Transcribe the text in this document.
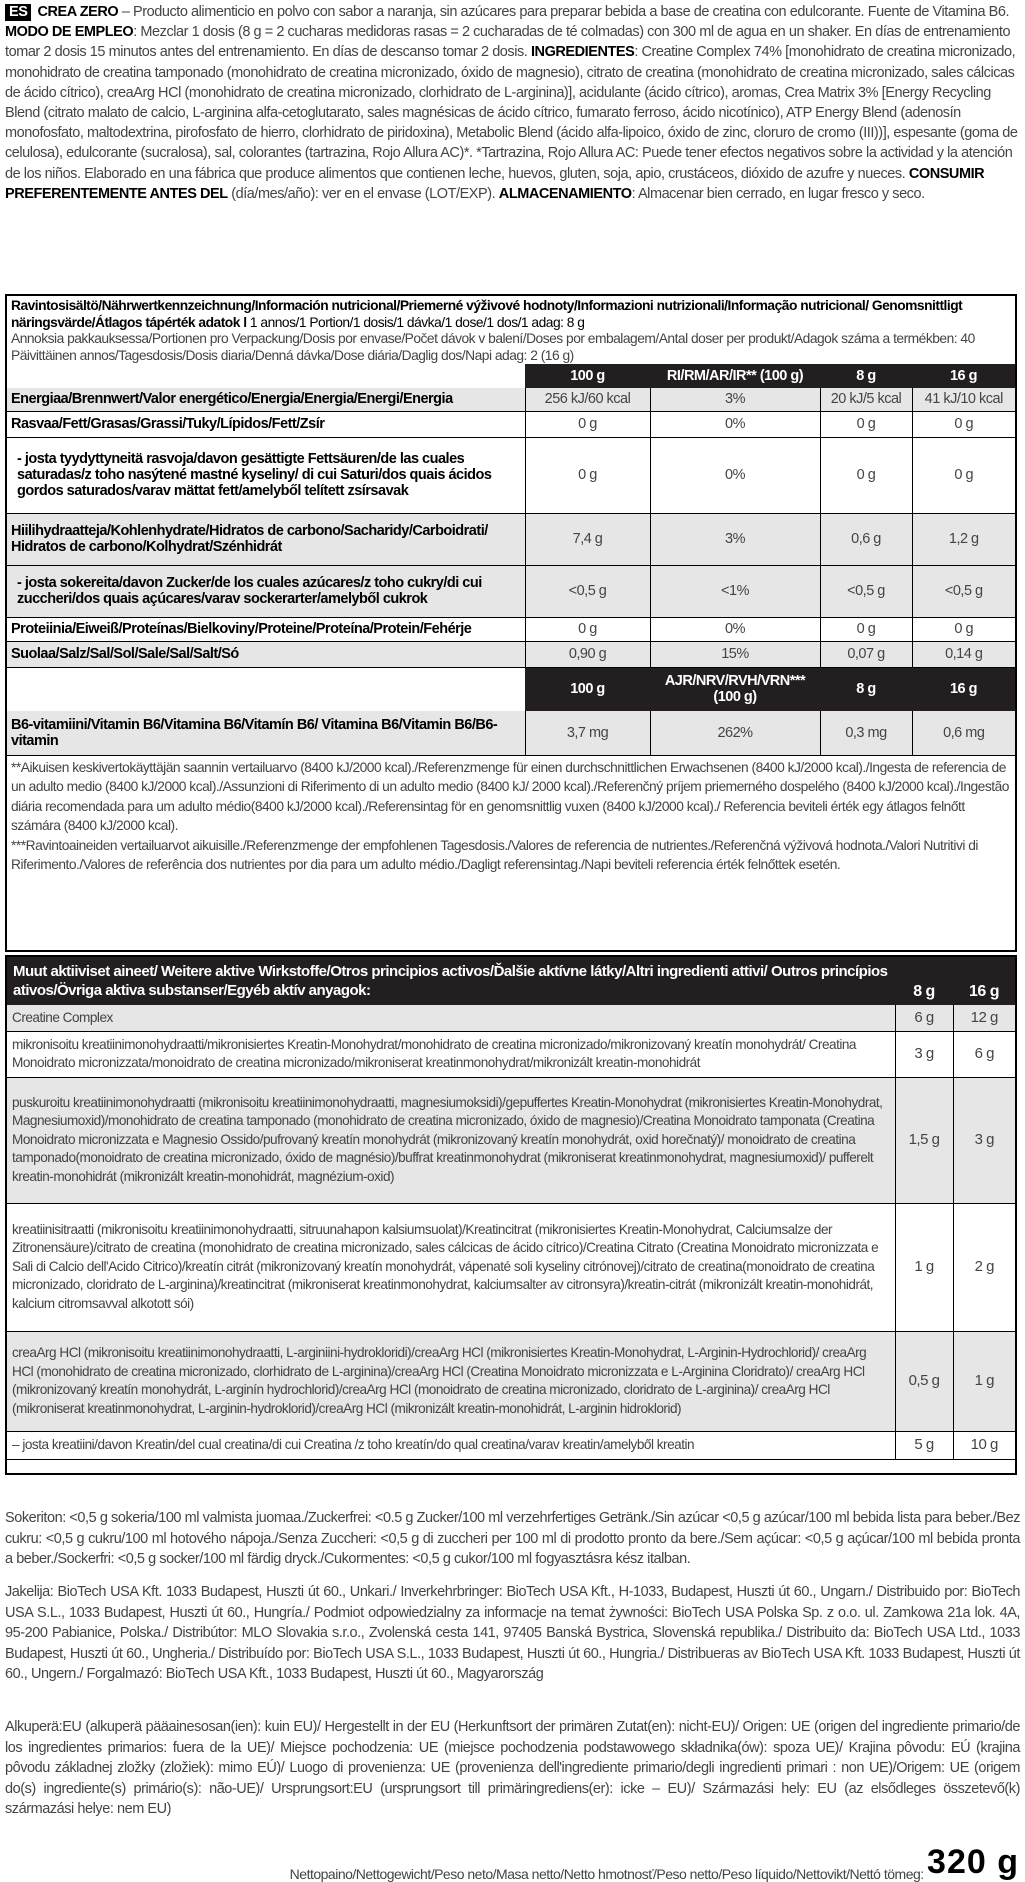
ES CREA ZERO – Producto alimenticio en polvo con sabor a naranja, sin azúcares para preparar bebida a base de creatina con edulcorante. Fuente de Vitamina B6. MODO DE EMPLEO: Mezclar 1 dosis (8 g = 2 cucharas medidoras rasas = 2 cucharadas de té colmadas) con 300 ml de agua en un shaker. En días de entrenamiento tomar 2 dosis 15 minutos antes del entrenamiento. En días de descanso tomar 2 dosis. INGREDIENTES: Creatine Complex 74% [monohidrato de creatina micronizado, monohidrato de creatina tamponado (monohidrato de creatina micronizado, óxido de magnesio), citrato de creatina (monohidrato de creatina micronizado, sales cálcicas de ácido cítrico), creaArg HCl (monohidrato de creatina micronizado, clorhidrato de L-arginina)], acidulante (ácido cítrico), aromas, Crea Matrix 3% [Energy Recycling Blend (citrato malato de calcio, L-arginina alfa-cetoglutarato, sales magnésicas de ácido cítrico, fumarato ferroso, ácido nicotínico), ATP Energy Blend (adenosín monofosfato, maltodextrina, pirofosfato de hierro, clorhidrato de piridoxina), Metabolic Blend (ácido alfa-lipoico, óxido de zinc, cloruro de cromo (III))], espesante (goma de celulosa), edulcorante (sucralosa), sal, colorantes (tartrazina, Rojo Allura AC)*. *Tartrazina, Rojo Allura AC: Puede tener efectos negativos sobre la actividad y la atención de los niños. Elaborado en una fábrica que produce alimentos que contienen leche, huevos, gluten, soja, apio, crustáceos, dióxido de azufre y nueces. CONSUMIR PREFERENTEMENTE ANTES DEL (día/mes/año): ver en el envase (LOT/EXP). ALMACENAMIENTO: Almacenar bien cerrado, en lugar fresco y seco.
Ravintosisältö/Nährwertkennzeichnung/Información nutricional/Priemerné výživové hodnoty/Informazioni nutrizionali/Informação nutricional/ Genomsnittligt näringsvärde/Átlagos tápérték adatok l 1 annos/1 Portion/1 dosis/1 dávka/1 dose/1 dos/1 adag: 8 g
Annoksia pakkauksessa/Portionen pro Verpackung/Dosis por envase/Počet dávok v balení/Doses por embalagem/Antal doser per produkt/Adagok száma a termékben: 40
Päivittäinen annos/Tagesdosis/Dosis diaria/Denná dávka/Dose diária/Daglig dos/Napi adag: 2 (16 g)
	100 g	RI/RM/AR/IR** (100 g)	8 g	16 g
Energiaa/Brennwert/Valor energético/Energia/Energia/Energi/Energia	256 kJ/60 kcal	3%	20 kJ/5 kcal	41 kJ/10 kcal
Rasvaa/Fett/Grasas/Grassi/Tuky/Lípidos/Fett/Zsír	0 g	0%	0 g	0 g
- josta tyydyttyneitä rasvoja/davon gesättigte Fettsäuren/de las cuales saturadas/z toho nasýtené mastné kyseliny/ di cui Saturi/dos quais ácidos gordos saturados/varav mättat fett/amelyből telített zsírsavak	0 g	0%	0 g	0 g
Hiilihydraatteja/Kohlenhydrate/Hidratos de carbono/Sacharidy/Carboidrati/ Hidratos de carbono/Kolhydrat/Szénhidrát	7,4 g	3%	0,6 g	1,2 g
- josta sokereita/davon Zucker/de los cuales azúcares/z toho cukry/di cui zuccheri/dos quais açúcares/varav sockerarter/amelyből cukrok	<0,5 g	<1%	<0,5 g	<0,5 g
Proteiinia/Eiweiß/Proteínas/Bielkoviny/Proteine/Proteína/Protein/Fehérje	0 g	0%	0 g	0 g
Suolaa/Salz/Sal/Sol/Sale/Sal/Salt/Só	0,90 g	15%	0,07 g	0,14 g
	100 g	AJR/NRV/RVH/VRN*** (100 g)	8 g	16 g
B6-vitamiini/Vitamin B6/Vitamina B6/Vitamín B6/ Vitamina B6/Vitamin B6/B6-vitamin	3,7 mg	262%	0,3 mg	0,6 mg
**Aikuisen keskivertokäyttäjän saannin vertailuarvo (8400 kJ/2000 kcal)./Referenzmenge für einen durchschnittlichen Erwachsenen (8400 kJ/2000 kcal)./Ingesta de referencia de un adulto medio (8400 kJ/2000 kcal)./Assunzioni di Riferimento di un adulto medio (8400 kJ/ 2000 kcal)./Referenčný príjem priemerného dospelého (8400 kJ/2000 kcal)./Ingestão diária recomendada para um adulto médio(8400 kJ/2000 kcal)./Referensintag för en genomsnittlig vuxen (8400 kJ/2000 kcal)./ Referencia beviteli érték egy átlagos felnőtt számára (8400 kJ/2000 kcal).
***Ravintoaineiden vertailuarvot aikuisille./Referenzmenge der empfohlenen Tagesdosis./Valores de referencia de nutrientes./Referenčná výživová hodnota./Valori Nutritivi di Riferimento./Valores de referência dos nutrientes por dia para um adulto médio./Dagligt referensintag./Napi beviteli referencia érték felnőttek esetén.
Muut aktiiviset aineet/ Weitere aktive Wirkstoffe/Otros principios activos/Ďalšie aktívne látky/Altri ingredienti attivi/ Outros princípios ativos/Övriga aktiva substanser/Egyéb aktív anyagok:	8 g	16 g
Creatine Complex	6 g	12 g
mikronisoitu kreatiinimonohydraatti/mikronisiertes Kreatin-Monohydrat/monohidrato de creatina micronizado/mikronizovaný kreatín monohydrát/ Creatina Monoidrato micronizzata/monoidrato de creatina micronizado/mikroniserat kreatinmonohydrat/mikronizált kreatin-monohidrát	3 g	6 g
puskuroitu kreatiinimonohydraatti (mikronisoitu kreatiinimonohydraatti, magnesiumoksidi)/gepuffertes Kreatin-Monohydrat (mikronisiertes Kreatin-Monohydrat, Magnesiumoxid)/monohidrato de creatina tamponado (monohidrato de creatina micronizado, óxido de magnesio)/Creatina Monoidrato tamponata (Creatina Monoidrato micronizzata e Magnesio Ossido/pufrovaný kreatín monohydrát (mikronizovaný kreatín monohydrát, oxid horečnatý)/ monoidrato de creatina tamponado(monoidrato de creatina micronizado, óxido de magnésio)/buffrat kreatinmonohydrat (mikroniserat kreatinmonohydrat, magnesiumoxid)/ pufferelt kreatin-monohidrát (mikronizált kreatin-monohidrát, magnézium-oxid)	1,5 g	3 g
kreatiinisitraatti (mikronisoitu kreatiinimonohydraatti, sitruunahapon kalsiumsuolat)/Kreatincitrat (mikronisiertes Kreatin-Monohydrat, Calciumsalze der Zitronensäure)/citrato de creatina (monohidrato de creatina micronizado, sales cálcicas de ácido cítrico)/Creatina Citrato (Creatina Monoidrato micronizzata e Sali di Calcio dell'Acido Citrico)/kreatín citrát (mikronizovaný kreatín monohydrát, vápenaté soli kyseliny citrónovej)/citrato de creatina(monoidrato de creatina micronizado, cloridrato de L-arginina)/kreatincitrat (mikroniserat kreatinmonohydrat, kalciumsalter av citronsyra)/kreatin-citrát (mikronizált kreatin-monohidrát, kalcium citromsavval alkotott sói)	1 g	2 g
creaArg HCl (mikronisoitu kreatiinimonohydraatti, L-arginiini-hydrokloridi)/creaArg HCl (mikronisiertes Kreatin-Monohydrat, L-Arginin-Hydrochlorid)/ creaArg HCl (monohidrato de creatina micronizado, clorhidrato de L-arginina)/creaArg HCl (Creatina Monoidrato micronizzata e L-Arginina Cloridrato)/ creaArg HCl (mikronizovaný kreatín monohydrát, L-arginín hydrochlorid)/creaArg HCl (monoidrato de creatina micronizado, cloridrato de L-arginina)/ creaArg HCl (mikroniserat kreatinmonohydrat, L-arginin-hydroklorid)/creaArg HCl (mikronizált kreatin-monohidrát, L-arginin hidroklorid)	0,5 g	1 g
– josta kreatiini/davon Kreatin/del cual creatina/di cui Creatina /z toho kreatín/do qual creatina/varav kreatin/amelyből kreatin	5 g	10 g
Sokeriton: <0,5 g sokeria/100 ml valmista juomaa./Zuckerfrei: <0.5 g Zucker/100 ml verzehrfertiges Getränk./Sin azúcar <0,5 g azúcar/100 ml bebida lista para beber./Bez cukru: <0,5 g cukru/100 ml hotového nápoja./Senza Zuccheri: <0,5 g di zuccheri per 100 ml di prodotto pronto da bere./Sem açúcar: <0,5 g açúcar/100 ml bebida pronta a beber./Sockerfri: <0,5 g socker/100 ml färdig dryck./Cukormentes: <0,5 g cukor/100 ml fogyasztásra kész italban.
Jakelija: BioTech USA Kft. 1033 Budapest, Huszti út 60., Unkari./ Inverkehrbringer: BioTech USA Kft., H-1033, Budapest, Huszti út 60., Ungarn./ Distribuido por: BioTech USA S.L., 1033 Budapest, Huszti út 60., Hungría./ Podmiot odpowiedzialny za informacje na temat żywności: BioTech USA Polska Sp. z o.o. ul. Zamkowa 21a lok. 4A, 95-200 Pabianice, Polska./ Distribútor: MLO Slovakia s.r.o., Zvolenská cesta 141, 97405 Banská Bystrica, Slovenská republika./ Distribuito da: BioTech USA Ltd., 1033 Budapest, Huszti út 60., Ungheria./ Distribuído por: BioTech USA S.L., 1033 Budapest, Huszti út 60., Hungria./ Distribueras av BioTech USA Kft. 1033 Budapest, Huszti út 60., Ungern./ Forgalmazó: BioTech USA Kft., 1033 Budapest, Huszti út 60., Magyarország
Alkuperä:EU (alkuperä pääainesosan(ien): kuin EU)/ Hergestellt in der EU (Herkunftsort der primären Zutat(en): nicht-EU)/ Origen: UE (origen del ingrediente primario/de los ingredientes primarios: fuera de la UE)/ Miejsce pochodzenia: UE (miejsce pochodzenia podstawowego składnika(ów): spoza UE)/ Krajina pôvodu: EÚ (krajina pôvodu základnej zložky (zložiek): mimo EÚ)/ Luogo di provenienza: UE (provenienza dell'ingrediente primario/degli ingredienti primari : non UE)/Origem: UE (origem do(s) ingrediente(s) primário(s): não-UE)/ Ursprungsort:EU (ursprungsort till primäringrediens(er): icke – EU)/ Származási hely: EU (az elsődleges összetevő(k) származási helye: nem EU)
Nettopaino/Nettogewicht/Peso neto/Masa netto/Netto hmotnosť/Peso netto/Peso líquido/Nettovikt/Nettó tömeg: 320 g
